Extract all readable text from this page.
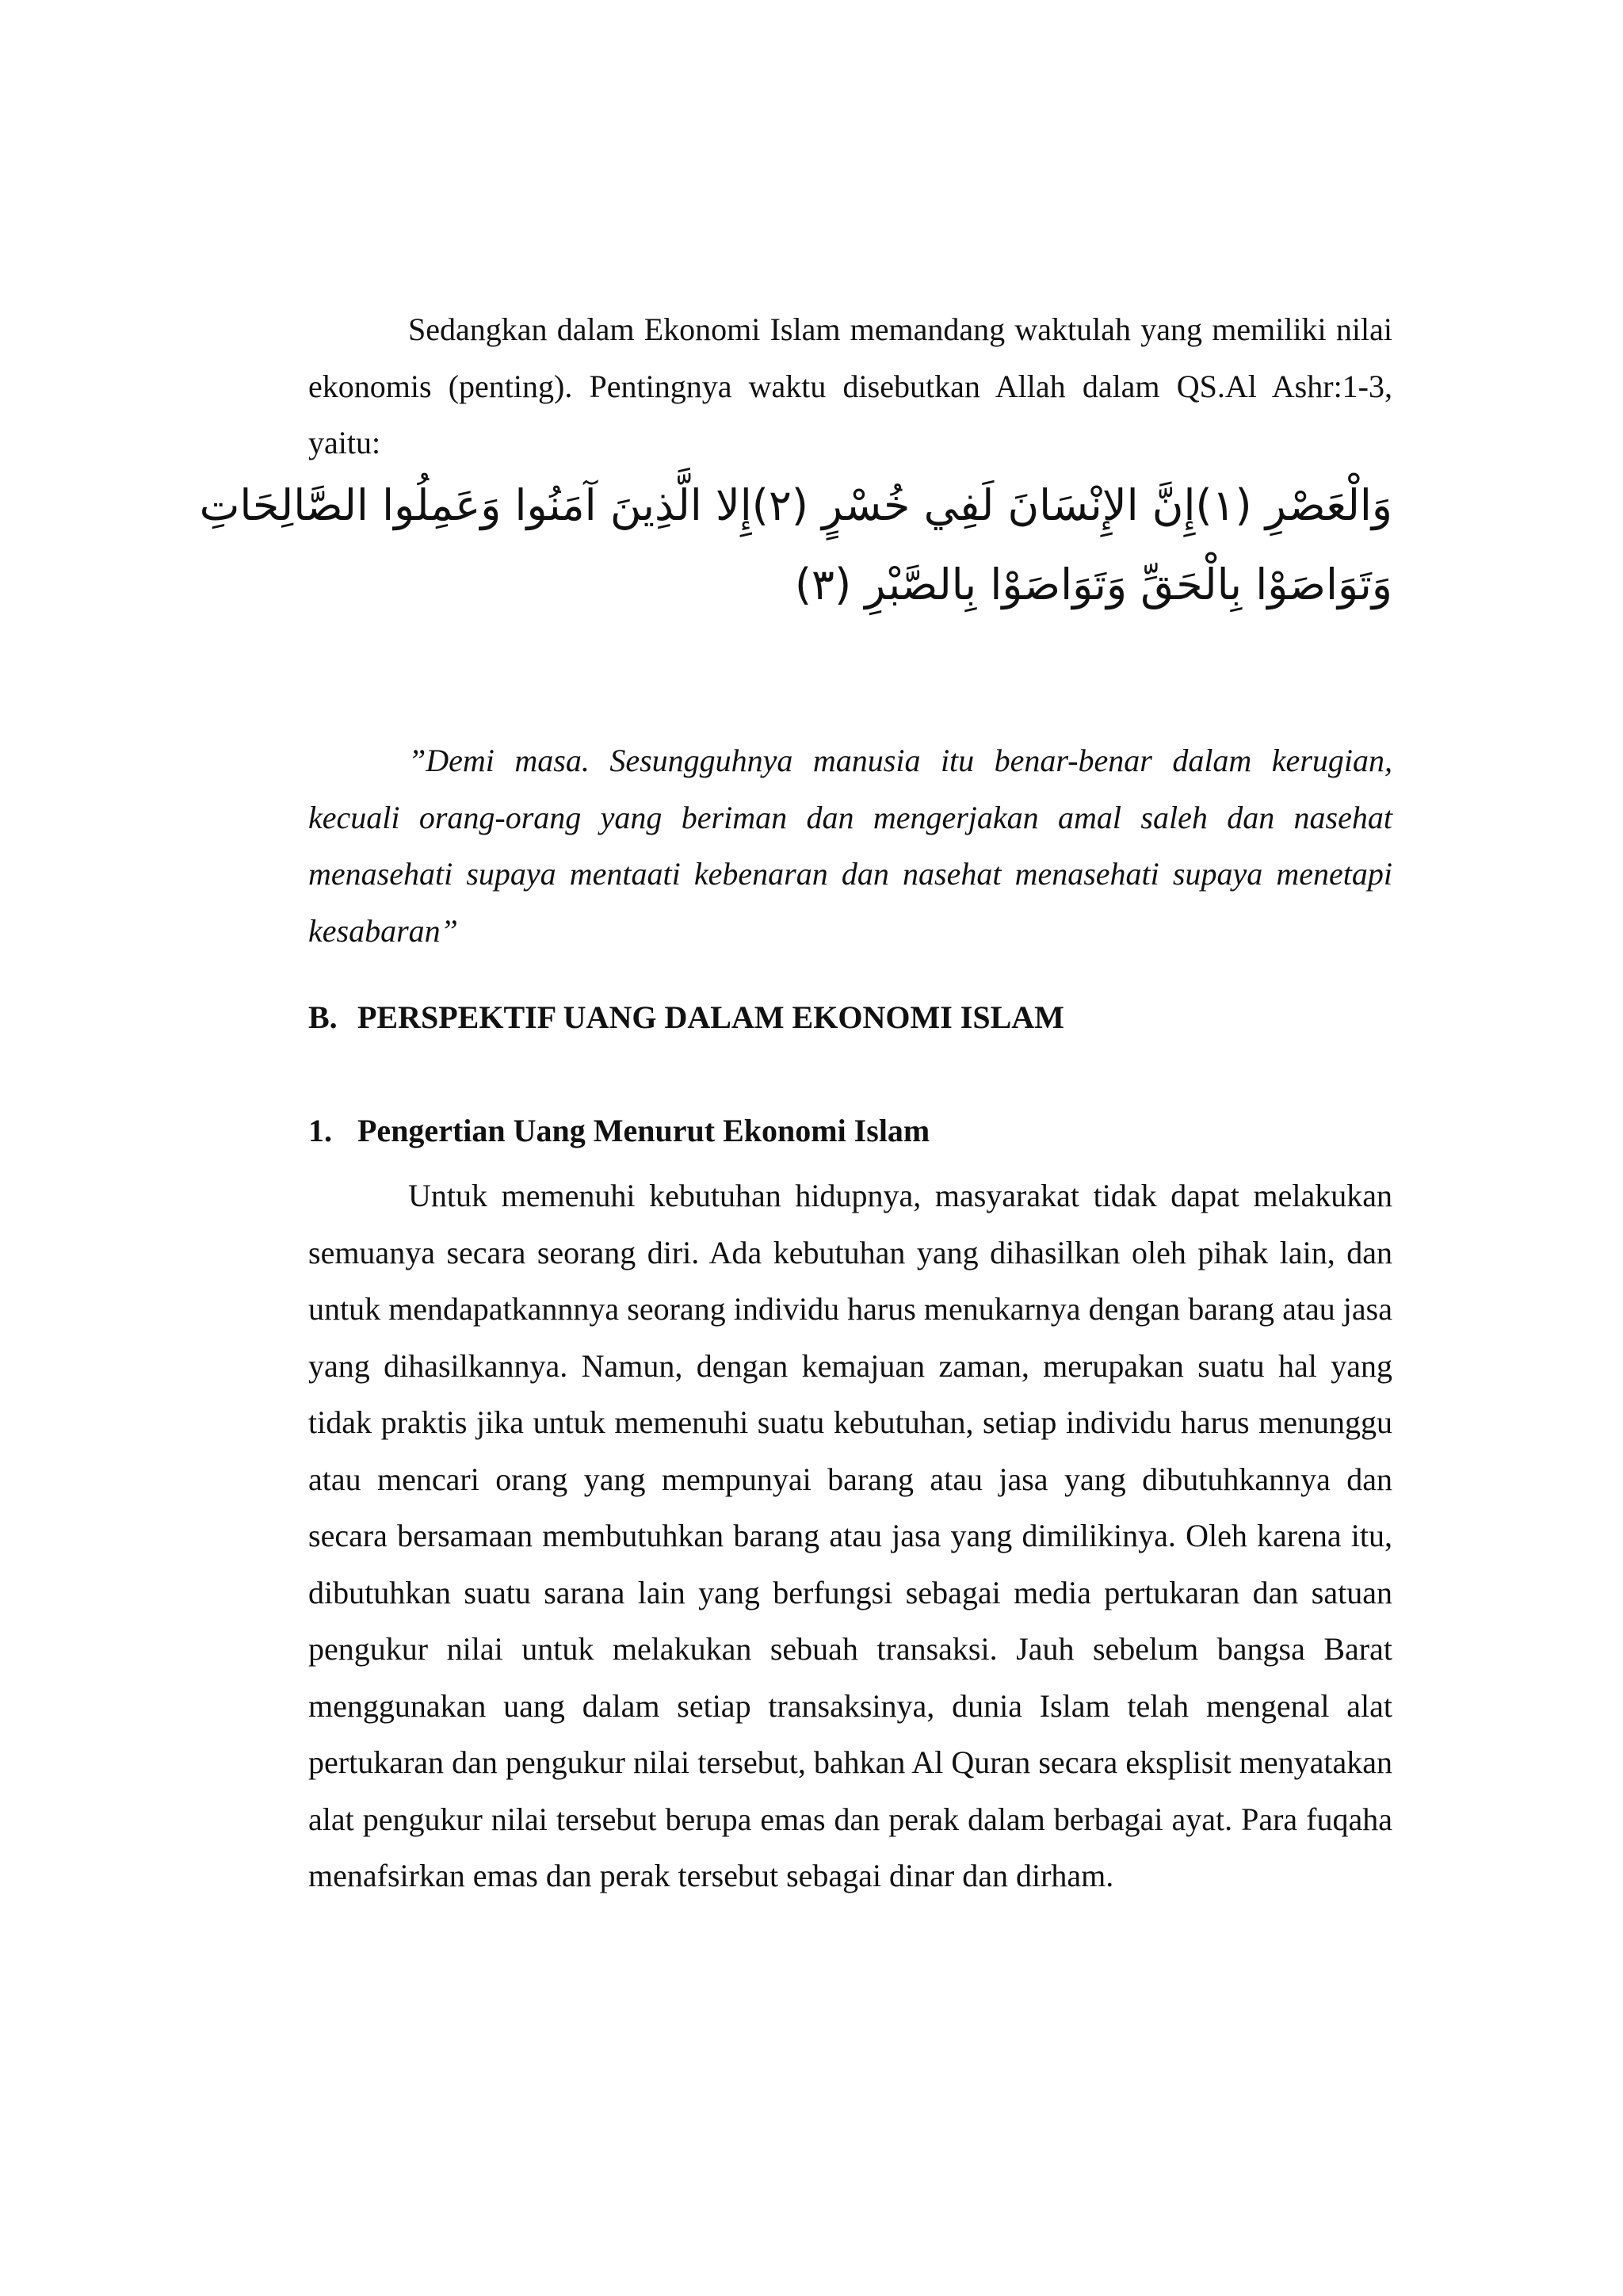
Sedangkan dalam Ekonomi Islam memandang waktulah yang memiliki nilai ekonomis (penting). Pentingnya waktu disebutkan Allah dalam QS.Al Ashr:1-3, yaitu:

وَالْعَصْرِ (١)إِنَّ الإِنْسَانَ لَفِي خُسْرٍ (٢)إِلا الَّذِينَ آمَنُوا وَعَمِلُوا الصَّالِحَاتِ
وَتَوَاصَوْا بِالْحَقِّ وَتَوَاصَوْا بِالصَّبْرِ (٣)

”Demi masa. Sesungguhnya manusia itu benar-benar dalam kerugian, kecuali orang-orang yang beriman dan mengerjakan amal saleh dan nasehat menasehati supaya mentaati kebenaran dan nasehat menasehati supaya menetapi kesabaran”

B. PERSPEKTIF UANG DALAM EKONOMI ISLAM
1. Pengertian Uang Menurut Ekonomi Islam

Untuk memenuhi kebutuhan hidupnya, masyarakat tidak dapat melakukan semuanya secara seorang diri. Ada kebutuhan yang dihasilkan oleh pihak lain, dan untuk mendapatkannnya seorang individu harus menukarnya dengan barang atau jasa yang dihasilkannya. Namun, dengan kemajuan zaman, merupakan suatu hal yang tidak praktis jika untuk memenuhi suatu kebutuhan, setiap individu harus menunggu atau mencari orang yang mempunyai barang atau jasa yang dibutuhkannya dan secara bersamaan membutuhkan barang atau jasa yang dimilikinya. Oleh karena itu, dibutuhkan suatu sarana lain yang berfungsi sebagai media pertukaran dan satuan pengukur nilai untuk melakukan sebuah transaksi. Jauh sebelum bangsa Barat menggunakan uang dalam setiap transaksinya, dunia Islam telah mengenal alat pertukaran dan pengukur nilai tersebut, bahkan Al Quran secara eksplisit menyatakan alat pengukur nilai tersebut berupa emas dan perak dalam berbagai ayat. Para fuqaha menafsirkan emas dan perak tersebut sebagai dinar dan dirham.
